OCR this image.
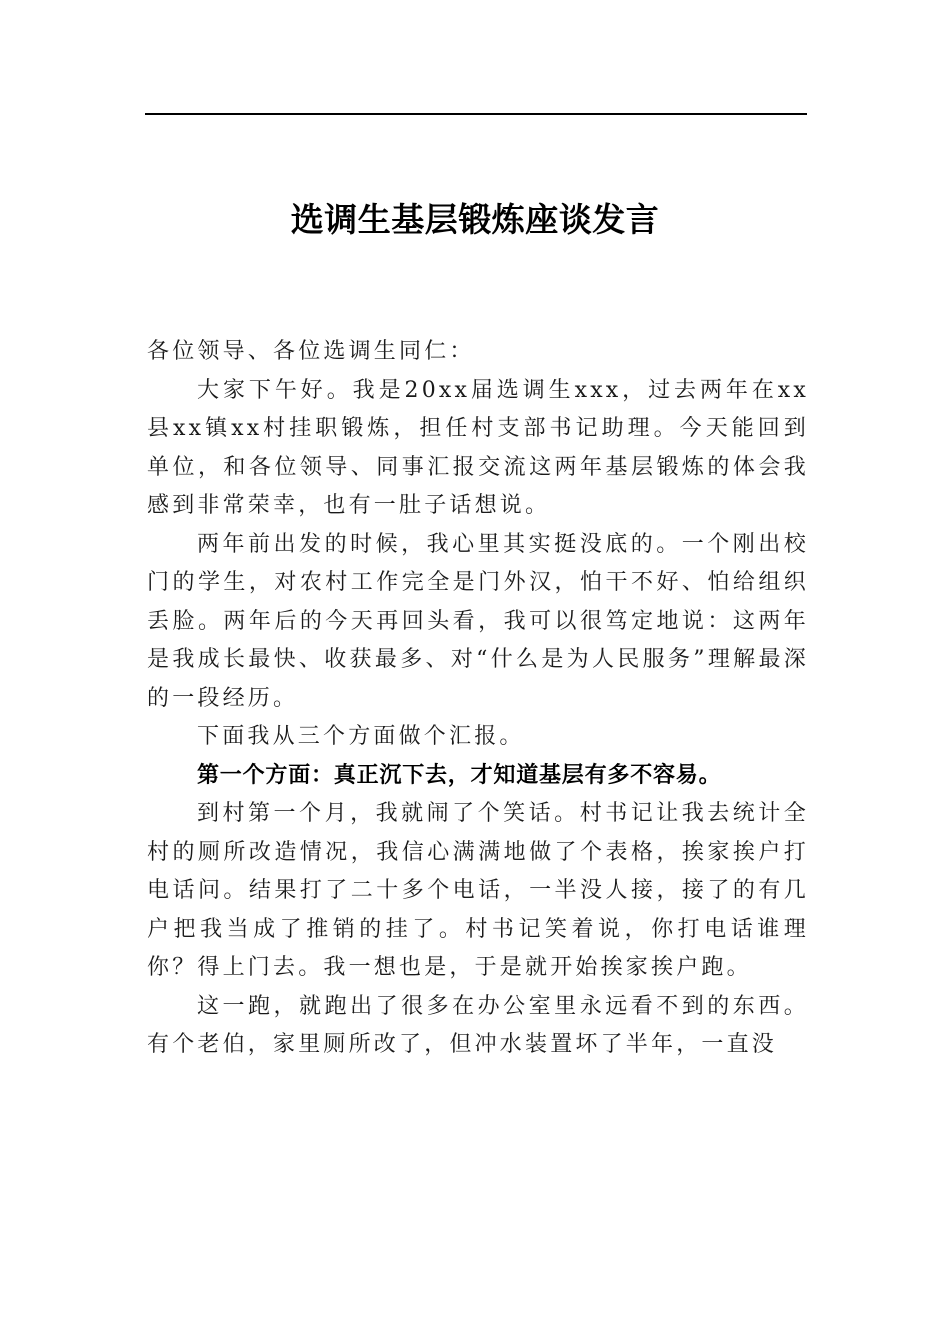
选调生基层锻炼座谈发言

各位领导、各位选调生同仁：

大家下午好。我是20xx届选调生xxx，过去两年在xx县xx镇xx村挂职锻炼，担任村支部书记助理。今天能回到单位，和各位领导、同事汇报交流这两年基层锻炼的体会我感到非常荣幸，也有一肚子话想说。

两年前出发的时候，我心里其实挺没底的。一个刚出校门的学生，对农村工作完全是门外汉，怕干不好、怕给组织丢脸。两年后的今天再回头看，我可以很笃定地说：这两年是我成长最快、收获最多、对“什么是为人民服务”理解最深的一段经历。

下面我从三个方面做个汇报。

第一个方面：真正沉下去，才知道基层有多不容易。

到村第一个月，我就闹了个笑话。村书记让我去统计全村的厕所改造情况，我信心满满地做了个表格，挨家挨户打电话问。结果打了二十多个电话，一半没人接，接了的有几户把我当成了推销的挂了。村书记笑着说，你打电话谁理你？得上门去。我一想也是，于是就开始挨家挨户跑。

这一跑，就跑出了很多在办公室里永远看不到的东西。有个老伯，家里厕所改了，但冲水装置坏了半年，一直没
